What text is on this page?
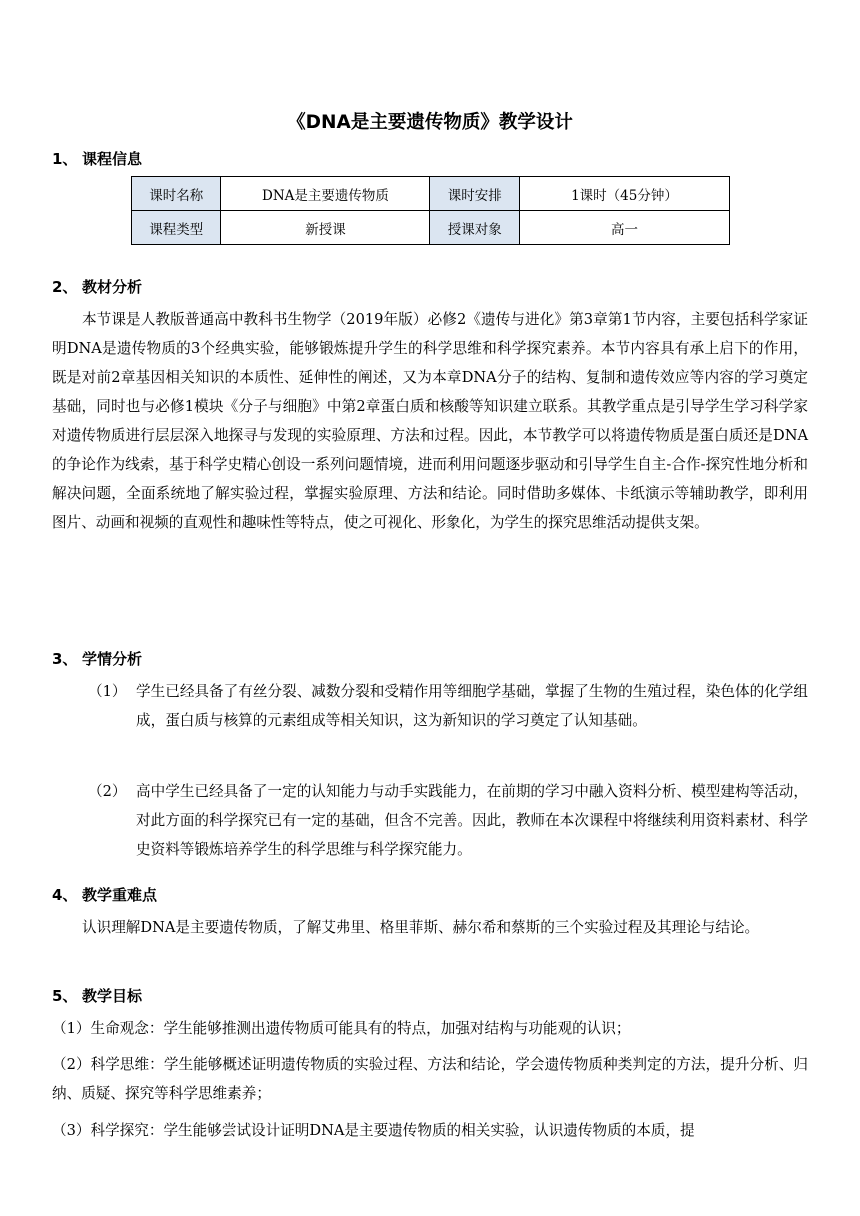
《DNA是主要遗传物质》教学设计
1、 课程信息
课时名称	DNA是主要遗传物质	课时安排	1课时（45分钟）
课程类型	新授课	授课对象	高一
2、 教材分析

本节课是人教版普通高中教科书生物学（2019年版）必修2《遗传与进化》第3章第1节内容，主要包括科学家证明DNA是遗传物质的3个经典实验，能够锻炼提升学生的科学思维和科学探究素养。本节内容具有承上启下的作用，既是对前2章基因相关知识的本质性、延伸性的阐述，又为本章DNA分子的结构、复制和遗传效应等内容的学习奠定基础，同时也与必修1模块《分子与细胞》中第2章蛋白质和核酸等知识建立联系。其教学重点是引导学生学习科学家对遗传物质进行层层深入地探寻与发现的实验原理、方法和过程。因此，本节教学可以将遗传物质是蛋白质还是DNA的争论作为线索，基于科学史精心创设一系列问题情境，进而利用问题逐步驱动和引导学生自主-合作-探究性地分析和解决问题，全面系统地了解实验过程，掌握实验原理、方法和结论。同时借助多媒体、卡纸演示等辅助教学，即利用图片、动画和视频的直观性和趣味性等特点，使之可视化、形象化，为学生的探究思维活动提供支架。

3、 学情分析
（1） 学生已经具备了有丝分裂、减数分裂和受精作用等细胞学基础，掌握了生物的生殖过程，染色体的化学组成，蛋白质与核算的元素组成等相关知识，这为新知识的学习奠定了认知基础。
（2） 高中学生已经具备了一定的认知能力与动手实践能力，在前期的学习中融入资料分析、模型建构等活动，对此方面的科学探究已有一定的基础，但含不完善。因此，教师在本次课程中将继续利用资料素材、科学史资料等锻炼培养学生的科学思维与科学探究能力。
4、 教学重难点

认识理解DNA是主要遗传物质，了解艾弗里、格里菲斯、赫尔希和蔡斯的三个实验过程及其理论与结论。

5、 教学目标

（1）生命观念：学生能够推测出遗传物质可能具有的特点，加强对结构与功能观的认识；

（2）科学思维：学生能够概述证明遗传物质的实验过程、方法和结论，学会遗传物质种类判定的方法，提升分析、归纳、质疑、探究等科学思维素养；

（3）科学探究：学生能够尝试设计证明DNA是主要遗传物质的相关实验，认识遗传物质的本质，提
